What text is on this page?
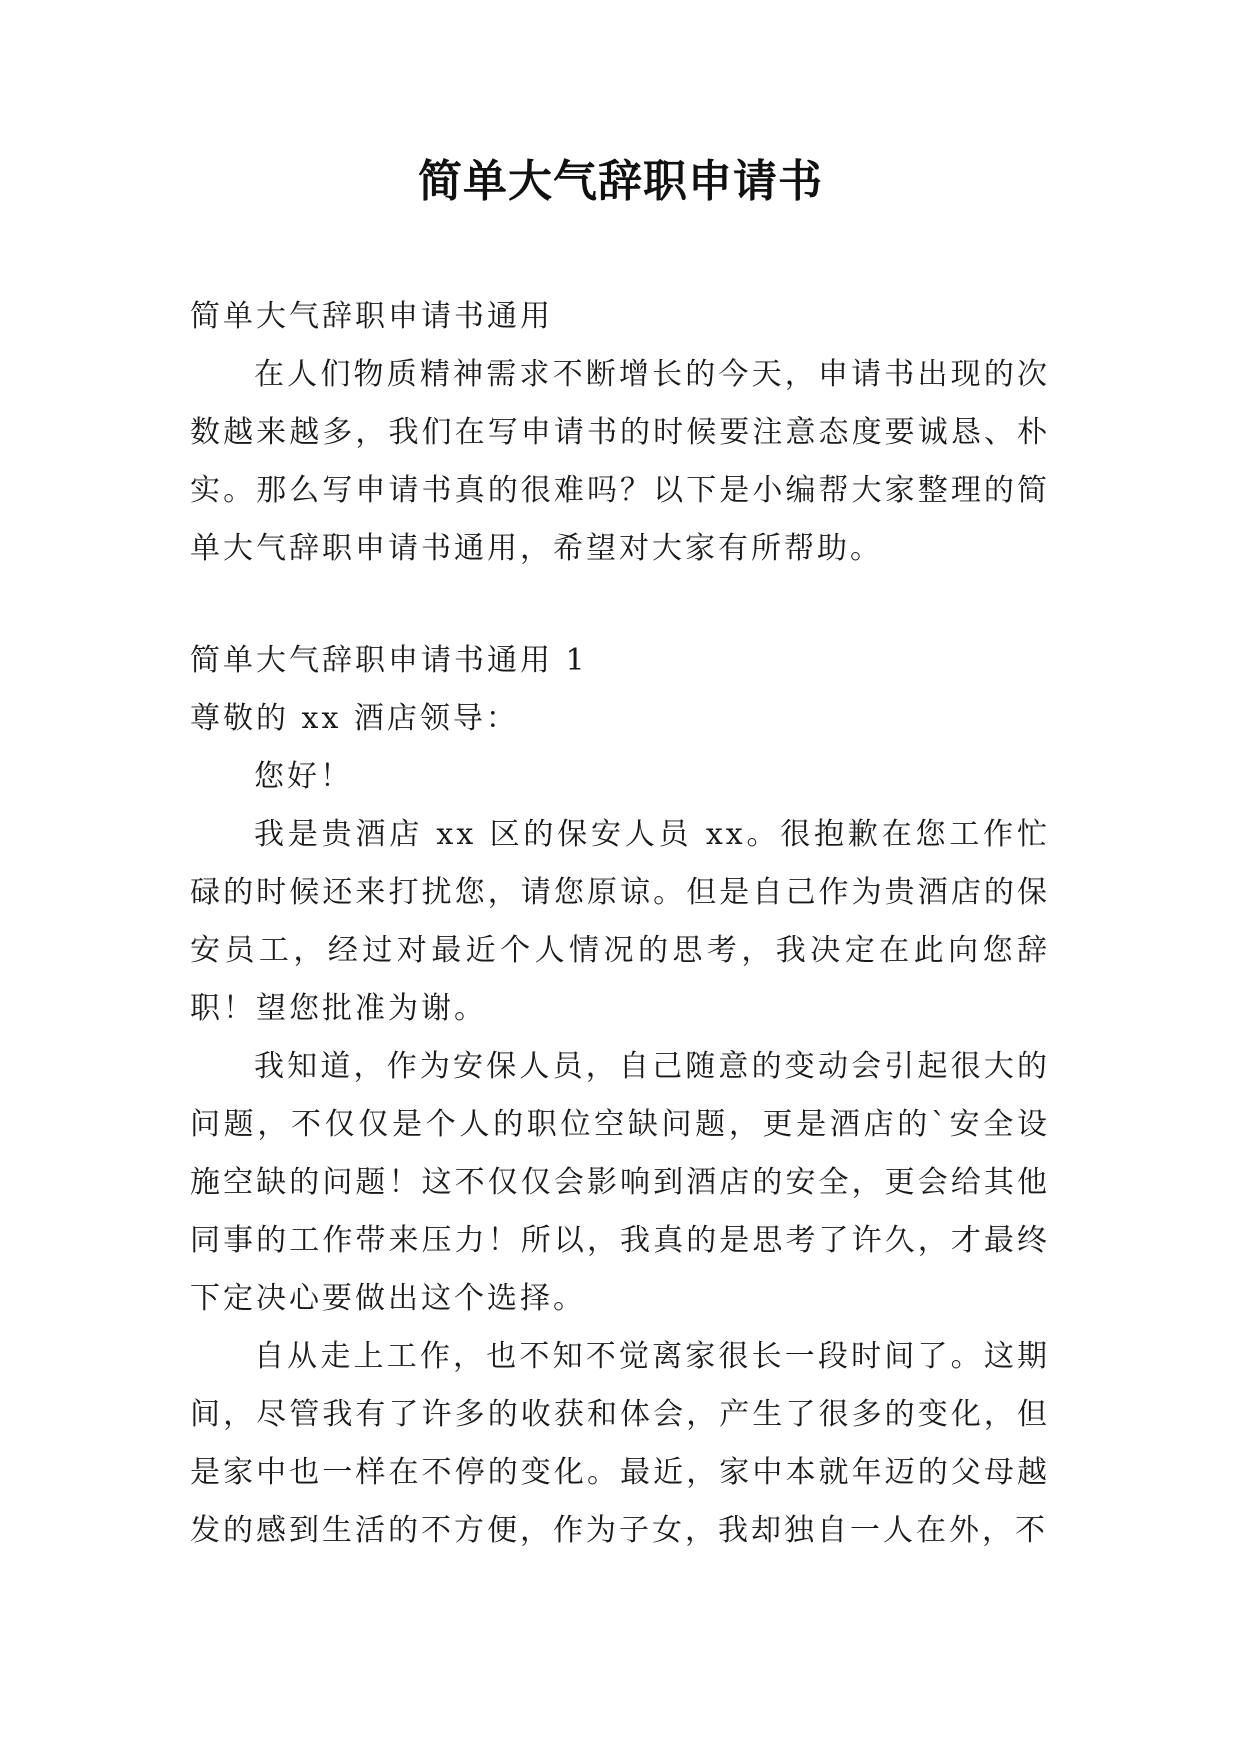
简单大气辞职申请书

简单大气辞职申请书通用

在人们物质精神需求不断增长的今天，申请书出现的次数越来越多，我们在写申请书的时候要注意态度要诚恳、朴实。那么写申请书真的很难吗？以下是小编帮大家整理的简单大气辞职申请书通用，希望对大家有所帮助。

简单大气辞职申请书通用 1

尊敬的 xx 酒店领导：

您好！

我是贵酒店 xx 区的保安人员 xx。很抱歉在您工作忙碌的时候还来打扰您，请您原谅。但是自己作为贵酒店的保安员工，经过对最近个人情况的思考，我决定在此向您辞职！望您批准为谢。

我知道，作为安保人员，自己随意的变动会引起很大的问题，不仅仅是个人的职位空缺问题，更是酒店的`安全设施空缺的问题！这不仅仅会影响到酒店的安全，更会给其他同事的工作带来压力！所以，我真的是思考了许久，才最终下定决心要做出这个选择。

自从走上工作，也不知不觉离家很长一段时间了。这期间，尽管我有了许多的收获和体会，产生了很多的变化，但是家中也一样在不停的变化。最近，家中本就年迈的父母越发的感到生活的不方便，作为子女，我却独自一人在外，不
